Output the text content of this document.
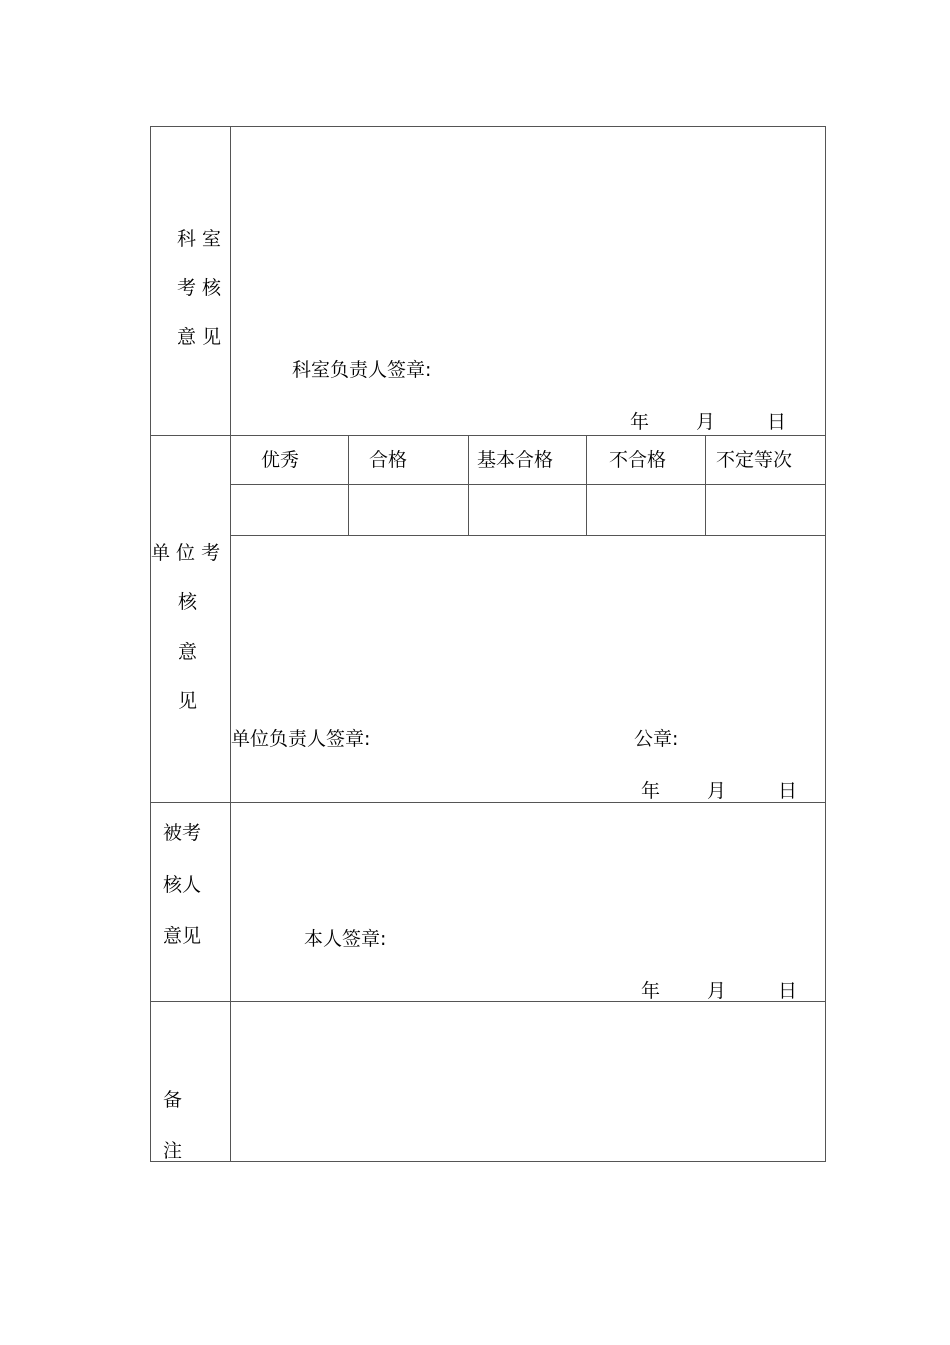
科 室
考 核
意 见
科室负责人签章:
年 月	日
优秀	合格	基本合格	不合格	不定等次
单 位 考
核
意
见
单位负责人签章:	公章:
年 月	日
被考
核人
意见	本人签章:
年 月	日
备
注
